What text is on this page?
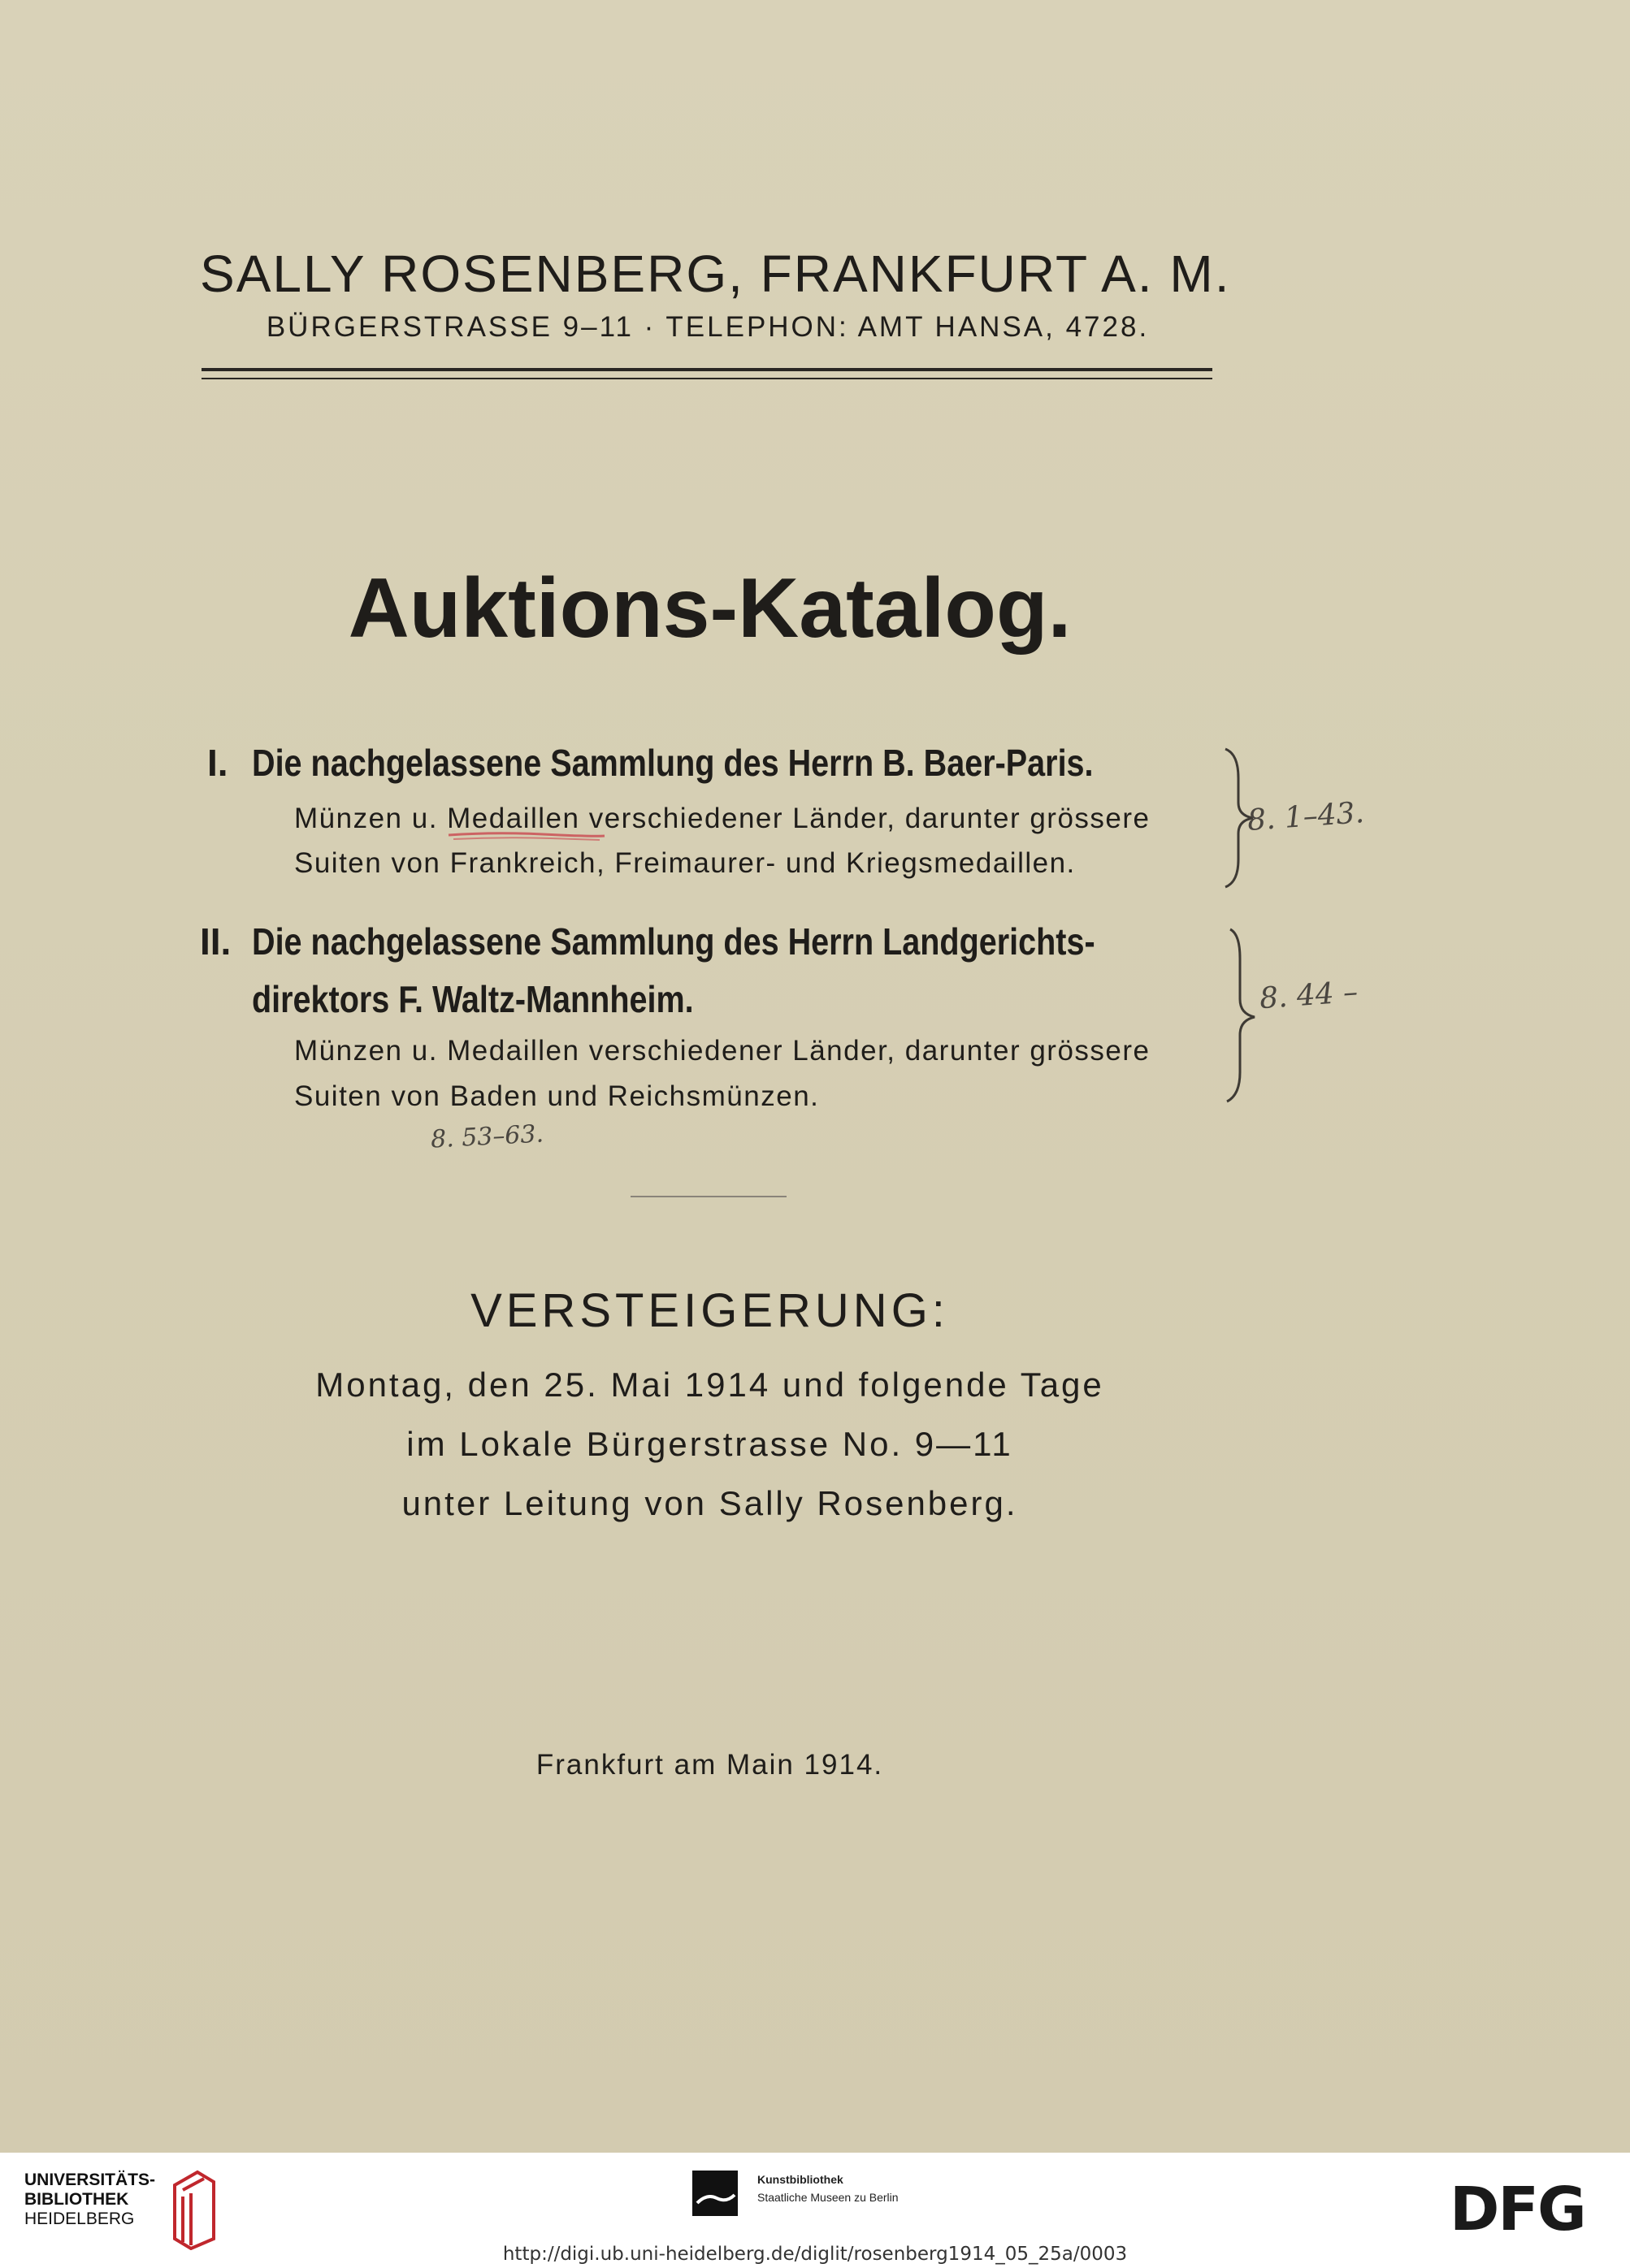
SALLY ROSENBERG, FRANKFURT A. M.

BÜRGERSTRASSE 9–11 · TELEPHON: AMT HANSA, 4728.

Auktions-Katalog.
I. Die nachgelassene Sammlung des Herrn B. Baer-Paris.
Münzen u. Medaillen verschiedener Länder, darunter grössere
Suiten von Frankreich, Freimaurer- und Kriegsmedaillen.
II. Die nachgelassene Sammlung des Herrn Landgerichts-
direktors F. Waltz-Mannheim.
Münzen u. Medaillen verschiedener Länder, darunter grössere
Suiten von Baden und Reichsmünzen.
8. 1–43.
8. 44 –
8. 53–63.
VERSTEIGERUNG:

Montag, den 25. Mai 1914 und folgende Tage

im Lokale Bürgerstrasse No. 9—11

unter Leitung von Sally Rosenberg.

Frankfurt am Main 1914.

UNIVERSITÄTS-
BIBLIOTHEK
HEIDELBERG
Kunstbibliothek
Staatliche Museen zu Berlin	DFG
http://digi.ub.uni-heidelberg.de/diglit/rosenberg1914_05_25a/0003
